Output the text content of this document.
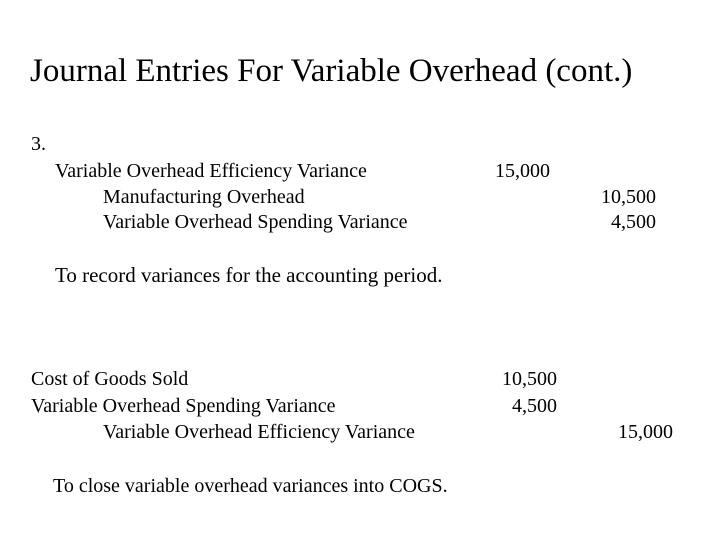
Journal Entries For Variable Overhead (cont.)
3.
Variable Overhead Efficiency Variance	15,000
Manufacturing Overhead	10,500
Variable Overhead Spending Variance	4,500
To record variances for the accounting period.
Cost of Goods Sold	10,500
Variable Overhead Spending Variance	4,500
Variable Overhead Efficiency Variance	15,000
To close variable overhead variances into COGS.
